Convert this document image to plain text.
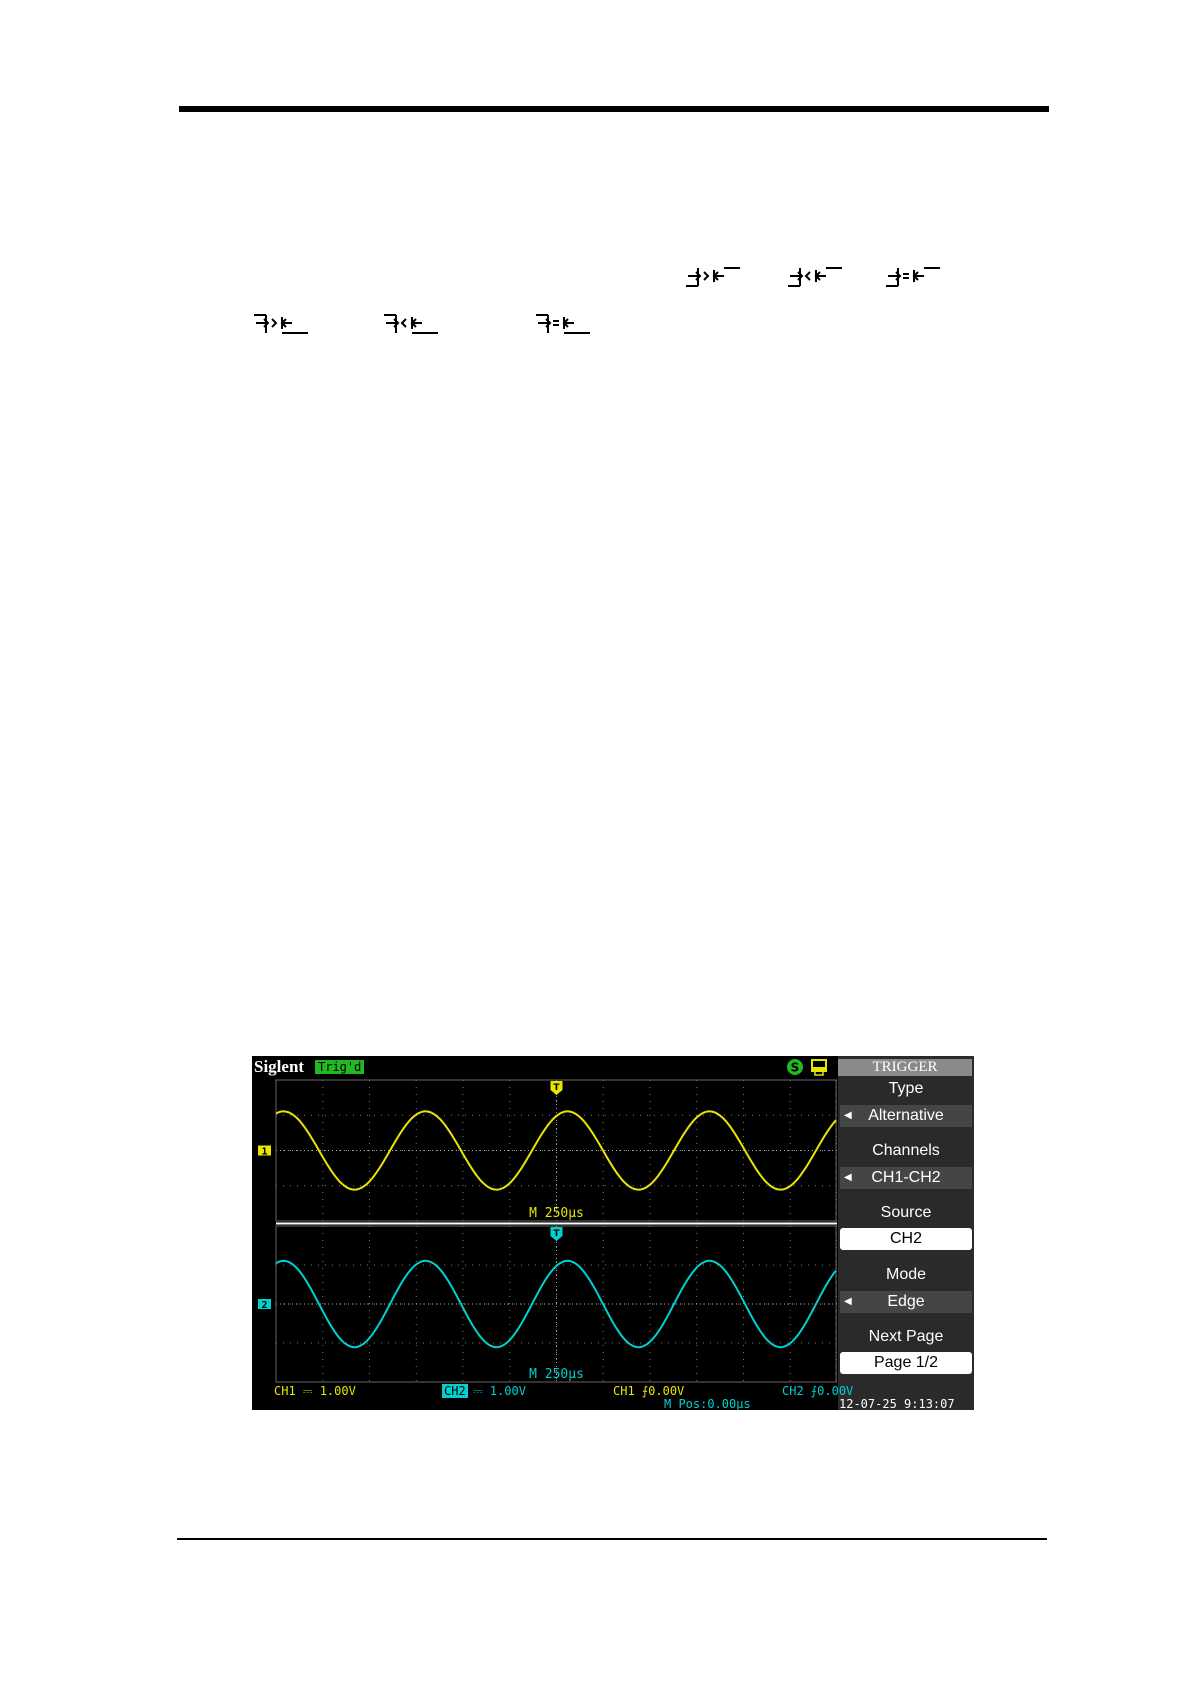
Siglent Trig'd	S
1
T
M 250μs
2
T
M 250μs
TRIGGER
Type
◀ Alternative
Channels
◀ CH1-CH2
Source
CH2
Mode
◀ Edge
Next Page
Page 1/2
CH1 ⎓ 1.00V	CH2 ⎓ 1.00V	CH1 ⨍0.00V	CH2 ⨍0.00V
M Pos:0.00μs	12-07-25 9:13:07
